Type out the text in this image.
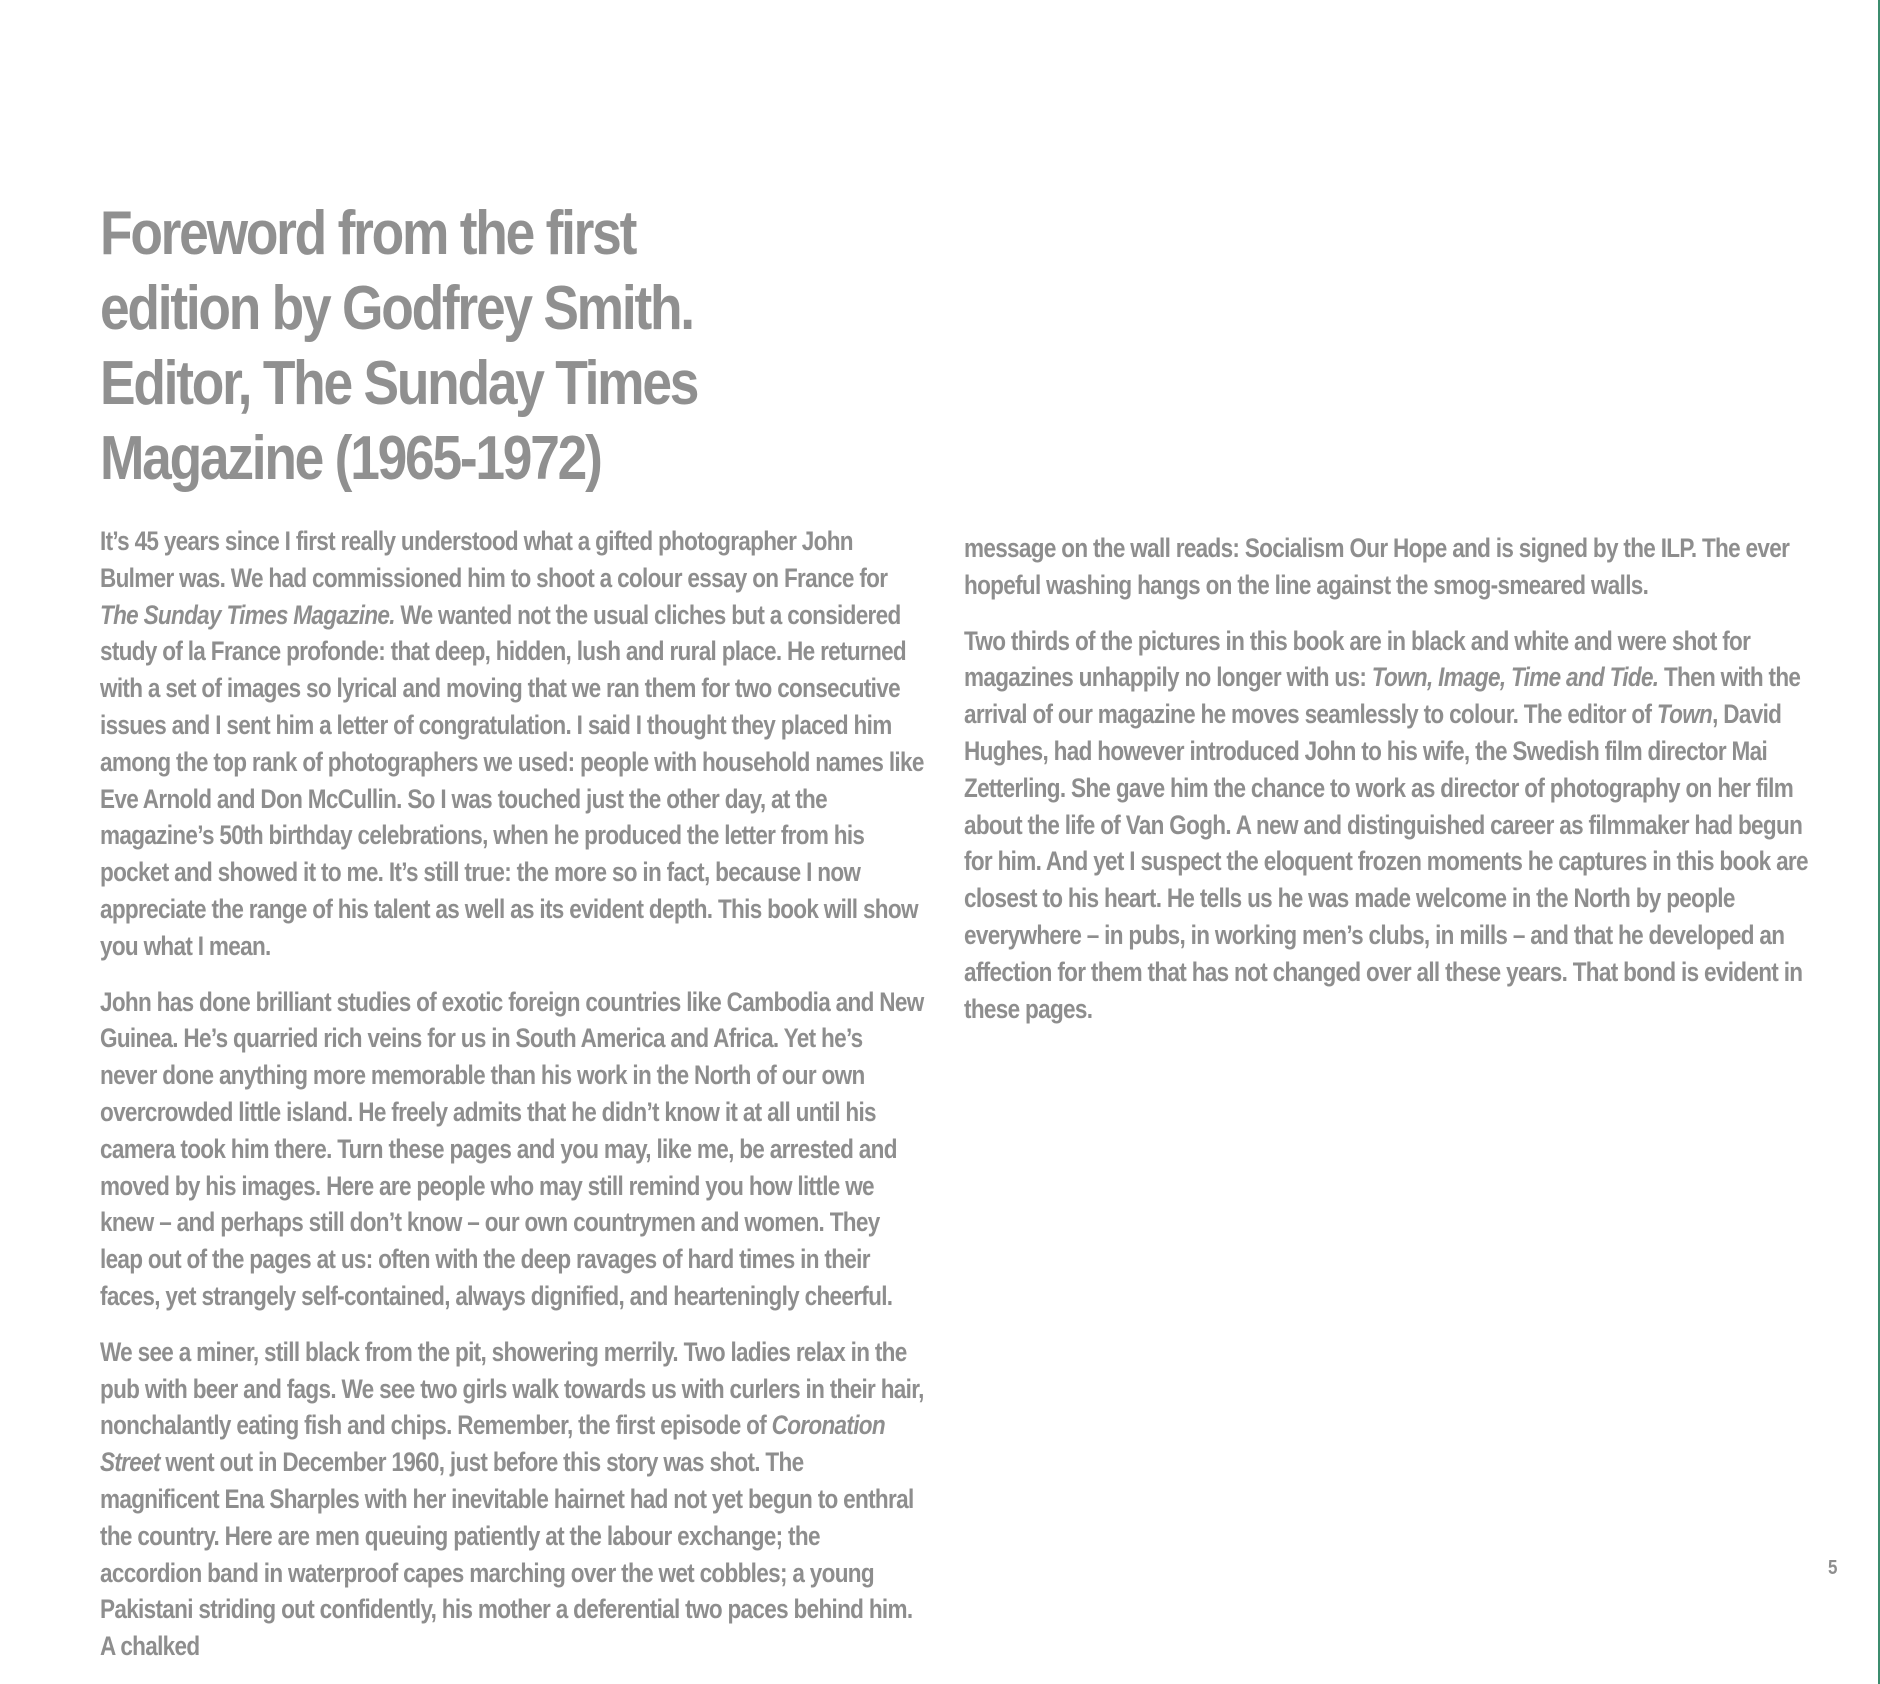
Foreword from the first edition by Godfrey Smith. Editor, The Sunday Times Magazine (1965-1972)

It’s 45 years since I first really understood what a gifted photographer John Bulmer was. We had commissioned him to shoot a colour essay on France for The Sunday Times Magazine. We wanted not the usual cliches but a considered study of la France profonde: that deep, hidden, lush and rural place. He returned with a set of images so lyrical and moving that we ran them for two consecutive issues and I sent him a letter of congratulation. I said I thought they placed him among the top rank of photographers we used: people with household names like Eve Arnold and Don McCullin. So I was touched just the other day, at the magazine’s 50th birthday celebrations, when he produced the letter from his pocket and showed it to me. It’s still true: the more so in fact, because I now appreciate the range of his talent as well as its evident depth. This book will show you what I mean.

John has done brilliant studies of exotic foreign countries like Cambodia and New Guinea. He’s quarried rich veins for us in South America and Africa. Yet he’s never done anything more memorable than his work in the North of our own overcrowded little island. He freely admits that he didn’t know it at all until his camera took him there. Turn these pages and you may, like me, be arrested and moved by his images. Here are people who may still remind you how little we knew – and perhaps still don’t know – our own countrymen and women. They leap out of the pages at us: often with the deep ravages of hard times in their faces, yet strangely self-contained, always dignified, and hearteningly cheerful.

We see a miner, still black from the pit, showering merrily. Two ladies relax in the pub with beer and fags. We see two girls walk towards us with curlers in their hair, nonchalantly eating fish and chips. Remember, the first episode of Coronation Street went out in December 1960, just before this story was shot. The magnificent Ena Sharples with her inevitable hairnet had not yet begun to enthral the country. Here are men queuing patiently at the labour exchange; the accordion band in waterproof capes marching over the wet cobbles; a young Pakistani striding out confidently, his mother a deferential two paces behind him. A chalked

message on the wall reads: Socialism Our Hope and is signed by the ILP. The ever hopeful washing hangs on the line against the smog-smeared walls.

Two thirds of the pictures in this book are in black and white and were shot for magazines unhappily no longer with us: Town, Image, Time and Tide. Then with the arrival of our magazine he moves seamlessly to colour. The editor of Town, David Hughes, had however introduced John to his wife, the Swedish film director Mai Zetterling. She gave him the chance to work as director of photography on her film about the life of Van Gogh. A new and distinguished career as filmmaker had begun for him. And yet I suspect the eloquent frozen moments he captures in this book are closest to his heart. He tells us he was made welcome in the North by people everywhere – in pubs, in working men’s clubs, in mills – and that he developed an affection for them that has not changed over all these years. That bond is evident in these pages.

5
